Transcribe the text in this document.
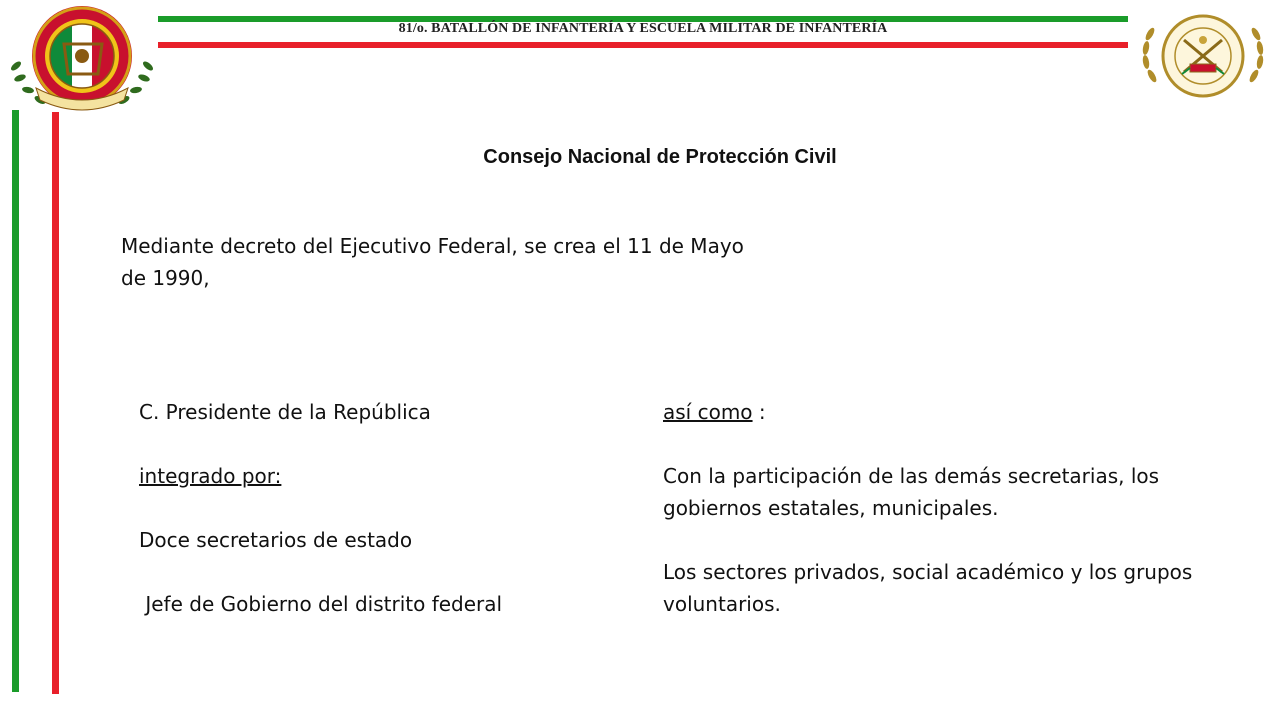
81/o. BATALLÓN DE INFANTERÍA Y ESCUELA MILITAR DE INFANTERÍA
Consejo Nacional de Protección Civil
Mediante decreto del Ejecutivo Federal, se crea el 11 de Mayo de 1990,

C. Presidente de la República

integrado por:

Doce secretarios de estado

Jefe de Gobierno del distrito federal

así como :

Con la participación de las demás secretarias, los gobiernos estatales, municipales.

Los sectores privados, social académico y los grupos voluntarios.
